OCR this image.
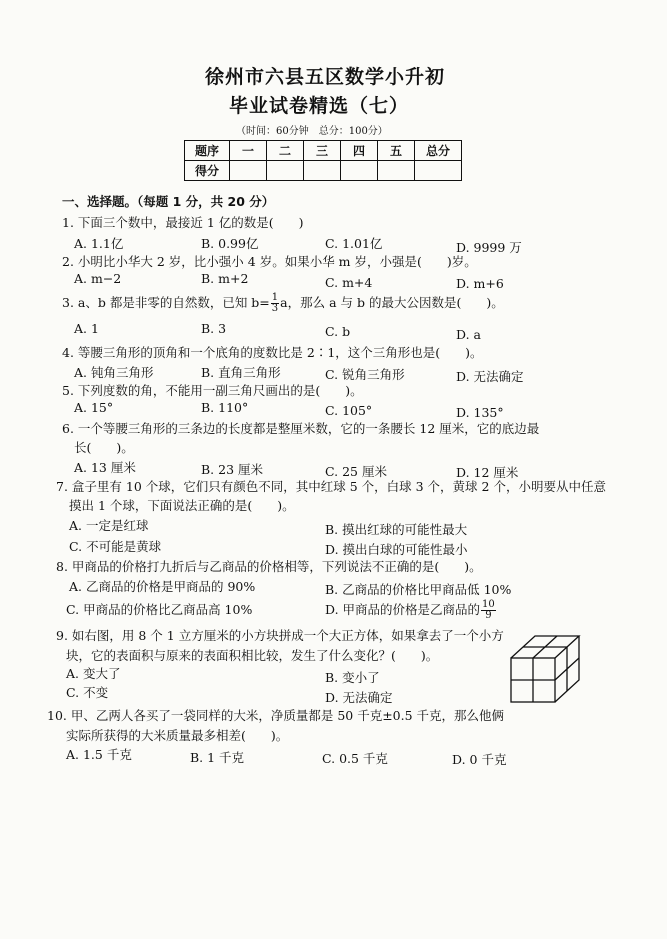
徐州市六县五区数学小升初
毕业试卷精选（七）
（时间：60分钟　总分：100分）
题序	一	二	三	四	五	总分
得分						
一、选择题。（每题 1 分，共 20 分）
1. 下面三个数中，最接近 1 亿的数是(　　)
A. 1.1亿	B. 0.99亿	C. 1.01亿	D. 9999 万
2. 小明比小华大 2 岁，比小强小 4 岁。如果小华 m 岁，小强是(　　)岁。
A. m−2	B. m+2	C. m+4	D. m+6
3. a、b 都是非零的自然数，已知 $b= \frac{1}{3}$ a，那么 a 与 b 的最大公因数是(　　)。
A. 1	B. 3	C. b	D. a
4. 等腰三角形的顶角和一个底角的度数比是 2∶1，这个三角形也是(　　)。
A. 钝角三角形	B. 直角三角形	C. 锐角三角形	D. 无法确定
5. 下列度数的角，不能用一副三角尺画出的是(　　)。
A. 15°	B. 110°	C. 105°	D. 135°
6. 一个等腰三角形的三条边的长度都是整厘米数，它的一条腰长 12 厘米，它的底边最
长(　　)。
A. 13 厘米	B. 23 厘米	C. 25 厘米	D. 12 厘米
7. 盒子里有 10 个球，它们只有颜色不同，其中红球 5 个，白球 3 个，黄球 2 个，小明要从中任意
摸出 1 个球，下面说法正确的是(　　)。
A. 一定是红球	B. 摸出红球的可能性最大
C. 不可能是黄球	D. 摸出白球的可能性最小
8. 甲商品的价格打九折后与乙商品的价格相等，下列说法不正确的是(　　)。
A. 乙商品的价格是甲商品的 90%	B. 乙商品的价格比甲商品低 10%
C. 甲商品的价格比乙商品高 10%	D. 甲商品的价格是乙商品的 $\frac{10}{9}$
9. 如右图，用 8 个 1 立方厘米的小方块拼成一个大正方体，如果拿去了一个小方
块，它的表面积与原来的表面积相比较，发生了什么变化？(　　)。
A. 变大了	B. 变小了
C. 不变	D. 无法确定
10. 甲、乙两人各买了一袋同样的大米，净质量都是 50 千克±0.5 千克，那么他俩
实际所获得的大米质量最多相差(　　)。
A. 1.5 千克	B. 1 千克	C. 0.5 千克	D. 0 千克
